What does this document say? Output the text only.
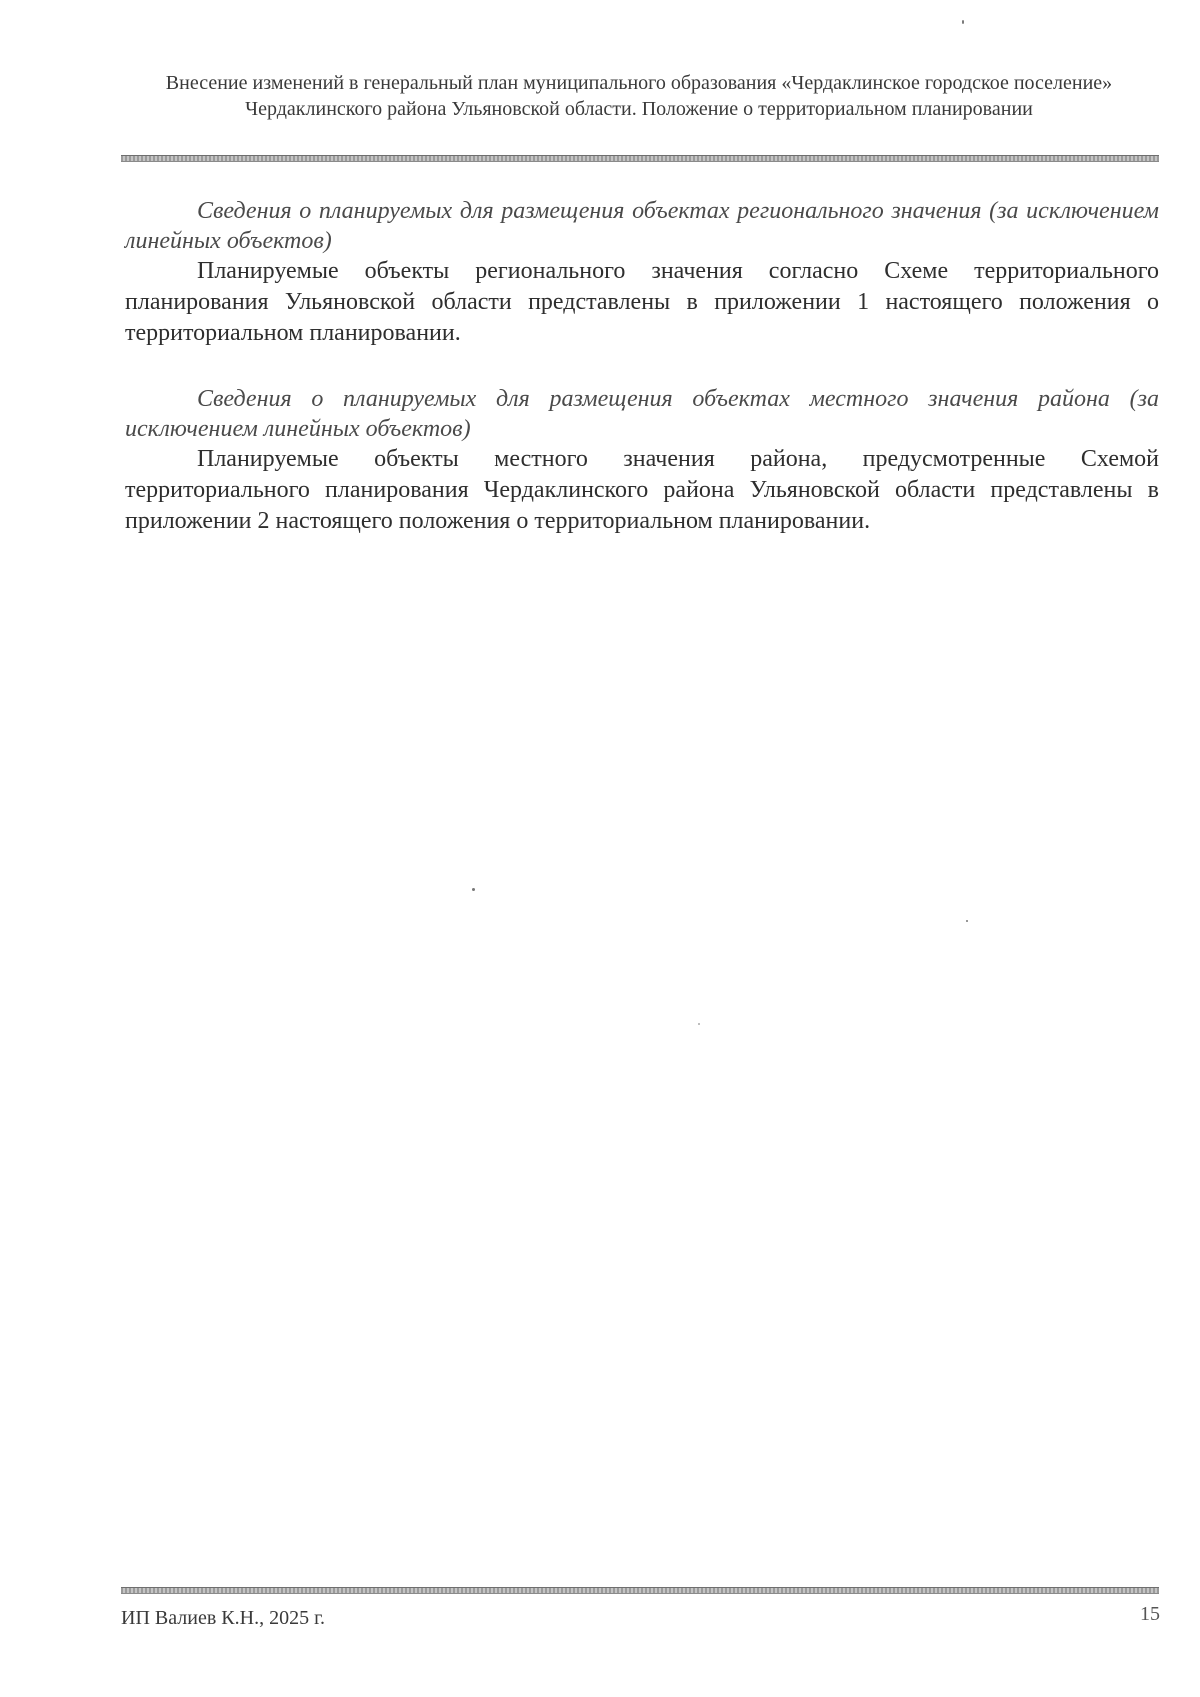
Внесение изменений в генеральный план муниципального образования «Чердаклинское городское поселение» Чердаклинского района Ульяновской области. Положение о территориальном планировании

Сведения о планируемых для размещения объектах регионального значения (за исключением линейных объектов)

Планируемые объекты регионального значения согласно Схеме территориального планирования Ульяновской области представлены в приложении 1 настоящего положения о территориальном планировании.

Сведения о планируемых для размещения объектах местного значения района (за исключением линейных объектов)

Планируемые объекты местного значения района, предусмотренные Схемой территориального планирования Чердаклинского района Ульяновской области представлены в приложении 2 настоящего положения о территориальном планировании.

ИП Валиев К.Н., 2025 г.	15
